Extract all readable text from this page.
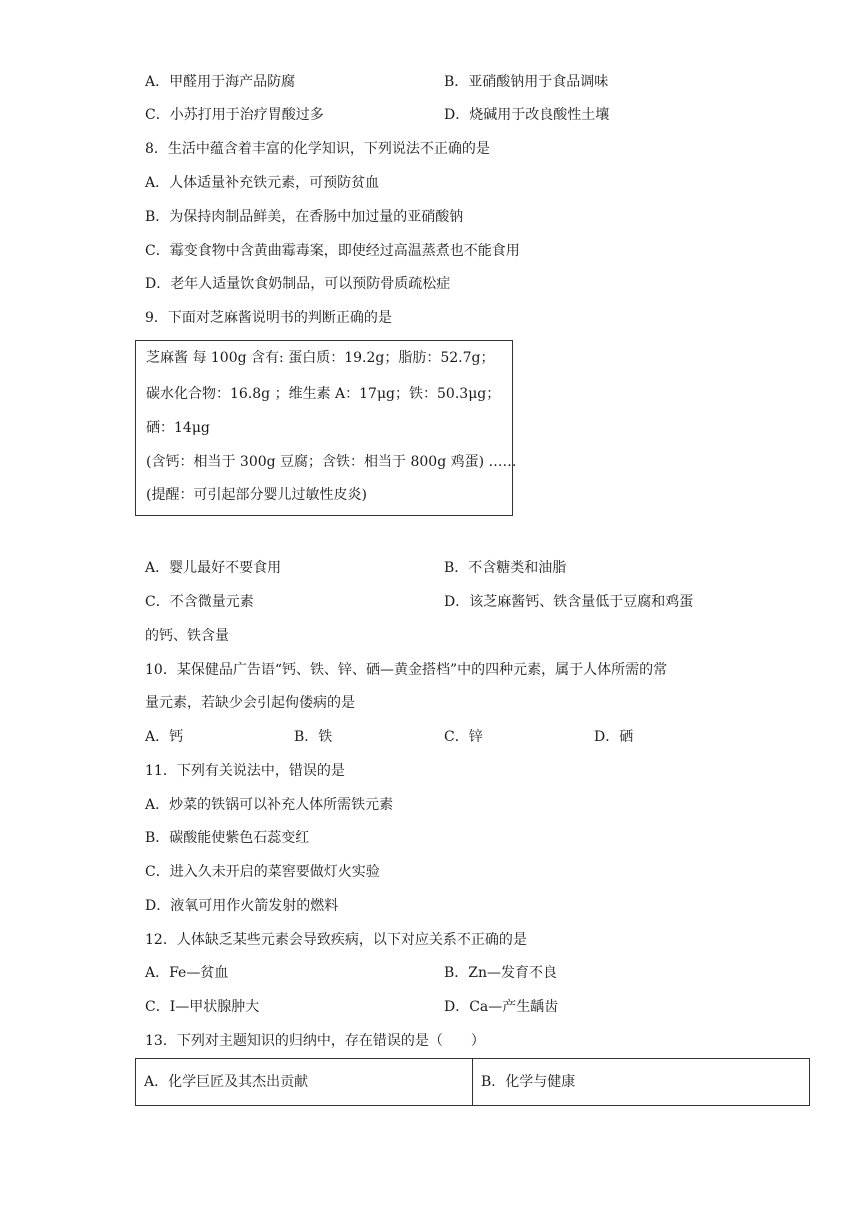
A．甲醛用于海产品防腐	B．亚硝酸钠用于食品调味
C．小苏打用于治疗胃酸过多	D．烧碱用于改良酸性土壤
8．生活中蕴含着丰富的化学知识，下列说法不正确的是
A．人体适量补充铁元素，可预防贫血
B．为保持肉制品鲜美，在香肠中加过量的亚硝酸钠
C．霉变食物中含黄曲霉毒案，即使经过高温蒸煮也不能食用
D．老年人适量饮食奶制品，可以预防骨质疏松症
9．下面对芝麻酱说明书的判断正确的是
芝麻酱 每 100g 含有: 蛋白质：19.2g；脂肪：52.7g；
碳水化合物：16.8g ；维生素 A：17μg；铁：50.3μg；
硒：14μg
(含钙：相当于 300g 豆腐；含铁：相当于 800g 鸡蛋) ……
(提醒：可引起部分婴儿过敏性皮炎)
A．婴儿最好不要食用	B．不含糖类和油脂
C．不含微量元素	D．该芝麻酱钙、铁含量低于豆腐和鸡蛋
的钙、铁含量
10．某保健品广告语“钙、铁、锌、硒—黄金搭档”中的四种元素，属于人体所需的常
量元素，若缺少会引起佝偻病的是
A．钙	B．铁	C．锌	D．硒
11．下列有关说法中，错误的是
A．炒菜的铁锅可以补充人体所需铁元素
B．碳酸能使紫色石蕊变红
C．进入久未开启的菜窖要做灯火实验
D．液氧可用作火箭发射的燃料
12．人体缺乏某些元素会导致疾病，以下对应关系不正确的是
A．Fe—贫血	B．Zn—发育不良
C．I—甲状腺肿大	D．Ca—产生龋齿
13．下列对主题知识的归纳中，存在错误的是（　　）
A．化学巨匠及其杰出贡献	B．化学与健康
